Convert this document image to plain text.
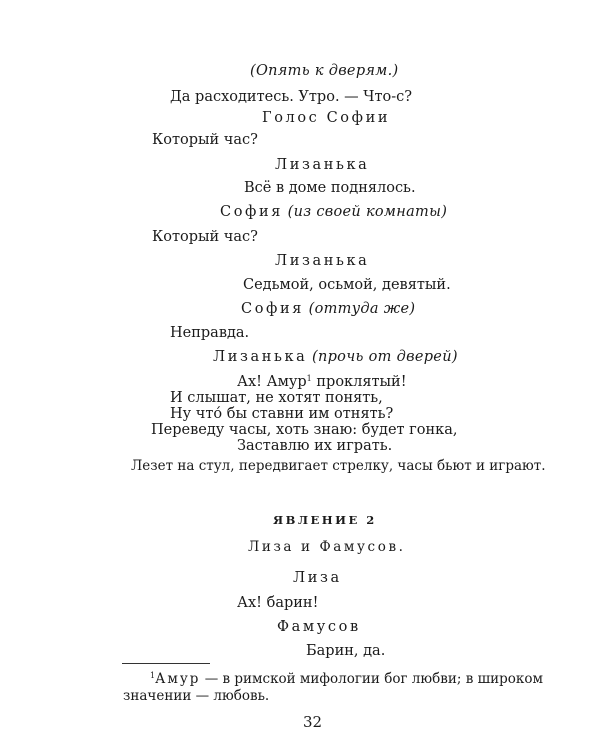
(Опять к дверям.)
Да расходитесь. Утро. — Что-с?
Голос Софии
Который час?
Лизанька
Всё в доме поднялось.
София (из своей комнаты)
Который час?
Лизанька
Седьмой, осьмой, девятый.
София (оттуда же)
Неправда.
Лизанька (прочь от дверей)
Ах! Амур$^1$ проклятый!
И слышат, не хотят понять,
Ну что́ бы ставни им отнять?
Переведу часы, хоть знаю: будет гонка,
Заставлю их играть.
Лезет на стул, передвигает стрелку, часы бьют и играют.
ЯВЛЕНИЕ 2
Лиза и Фамусов.
Лиза
Ах! барин!
Фамусов
Барин, да.
$^1$Амур — в римской мифологии бог любви; в широком
значении — любовь.
32
